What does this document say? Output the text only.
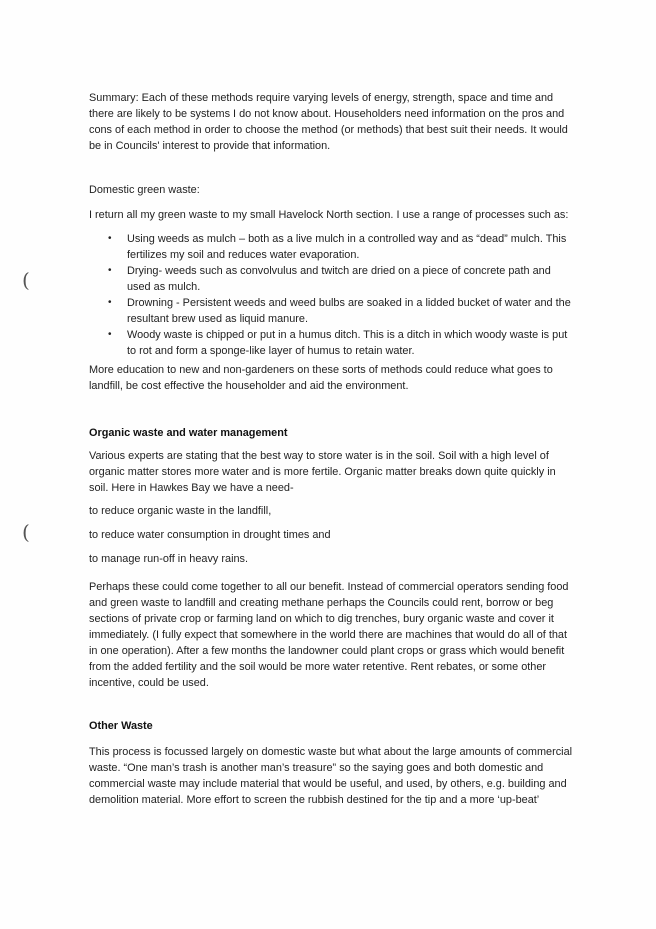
(
(

Summary: Each of these methods require varying levels of energy, strength, space and time and there are likely to be systems I do not know about. Householders need information on the pros and cons of each method in order to choose the method (or methods) that best suit their needs. It would be in Councils' interest to provide that information.

Domestic green waste:

I return all my green waste to my small Havelock North section. I use a range of processes such as:

• Using weeds as mulch – both as a live mulch in a controlled way and as “dead” mulch. This fertilizes my soil and reduces water evaporation.
• Drying- weeds such as convolvulus and twitch are dried on a piece of concrete path and used as mulch.
• Drowning - Persistent weeds and weed bulbs are soaked in a lidded bucket of water and the resultant brew used as liquid manure.
• Woody waste is chipped or put in a humus ditch. This is a ditch in which woody waste is put to rot and form a sponge-like layer of humus to retain water.

More education to new and non-gardeners on these sorts of methods could reduce what goes to landfill, be cost effective the householder and aid the environment.

Organic waste and water management

Various experts are stating that the best way to store water is in the soil. Soil with a high level of organic matter stores more water and is more fertile. Organic matter breaks down quite quickly in soil. Here in Hawkes Bay we have a need-

to reduce organic waste in the landfill,

to reduce water consumption in drought times and

to manage run-off in heavy rains.

Perhaps these could come together to all our benefit. Instead of commercial operators sending food and green waste to landfill and creating methane perhaps the Councils could rent, borrow or beg sections of private crop or farming land on which to dig trenches, bury organic waste and cover it immediately. (I fully expect that somewhere in the world there are machines that would do all of that in one operation). After a few months the landowner could plant crops or grass which would benefit from the added fertility and the soil would be more water retentive. Rent rebates, or some other incentive, could be used.

Other Waste

This process is focussed largely on domestic waste but what about the large amounts of commercial waste. “One man’s trash is another man’s treasure” so the saying goes and both domestic and commercial waste may include material that would be useful, and used, by others, e.g. building and demolition material. More effort to screen the rubbish destined for the tip and a more ‘up-beat’
